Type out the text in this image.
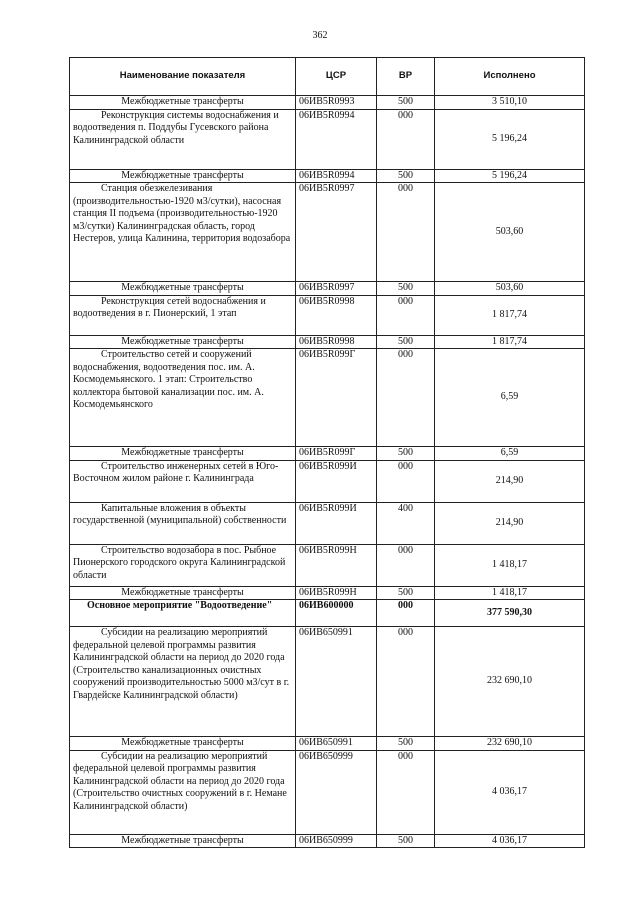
362
Наименование показателя	ЦСР	ВР	Исполнено
Межбюджетные трансферты	06ИВ5R0993	500	3 510,10
Реконструкция системы водоснабжения и водоотведения п. Поддубы Гусевского района Калининградской области	06ИВ5R0994	000	5 196,24
Межбюджетные трансферты	06ИВ5R0994	500	5 196,24
Станция обезжелезивания (производительностью-1920 м3/сутки), насосная станция II подъема (производительностью-1920 м3/сутки) Калининградская область, город Нестеров, улица Калинина, территория водозабора	06ИВ5R0997	000	503,60
Межбюджетные трансферты	06ИВ5R0997	500	503,60
Реконструкция сетей водоснабжения и водоотведения в г. Пионерский, 1 этап	06ИВ5R0998	000	1 817,74
Межбюджетные трансферты	06ИВ5R0998	500	1 817,74
Строительство сетей и сооружений водоснабжения, водоотведения пос. им. А. Космодемьянского. 1 этап: Строительство коллектора бытовой канализации пос. им. А. Космодемьянского	06ИВ5R099Г	000	6,59
Межбюджетные трансферты	06ИВ5R099Г	500	6,59
Строительство инженерных сетей в Юго-Восточном жилом районе г. Калининграда	06ИВ5R099И	000	214,90
Капитальные вложения в объекты государственной (муниципальной) собственности	06ИВ5R099И	400	214,90
Строительство водозабора в пос. Рыбное Пионерского городского округа Калининградской области	06ИВ5R099Н	000	1 418,17
Межбюджетные трансферты	06ИВ5R099Н	500	1 418,17
Основное мероприятие "Водоотведение"	06ИВ600000	000	377 590,30
Субсидии на реализацию мероприятий федеральной целевой программы развития Калининградской области на период до 2020 года (Строительство канализационных очистных сооружений производительностью 5000 м3/сут в г. Гвардейске Калининградской области)	06ИВ650991	000	232 690,10
Межбюджетные трансферты	06ИВ650991	500	232 690,10
Субсидии на реализацию мероприятий федеральной целевой программы развития Калининградской области на период до 2020 года (Строительство очистных сооружений в г. Немане Калининградской области)	06ИВ650999	000	4 036,17
Межбюджетные трансферты	06ИВ650999	500	4 036,17
